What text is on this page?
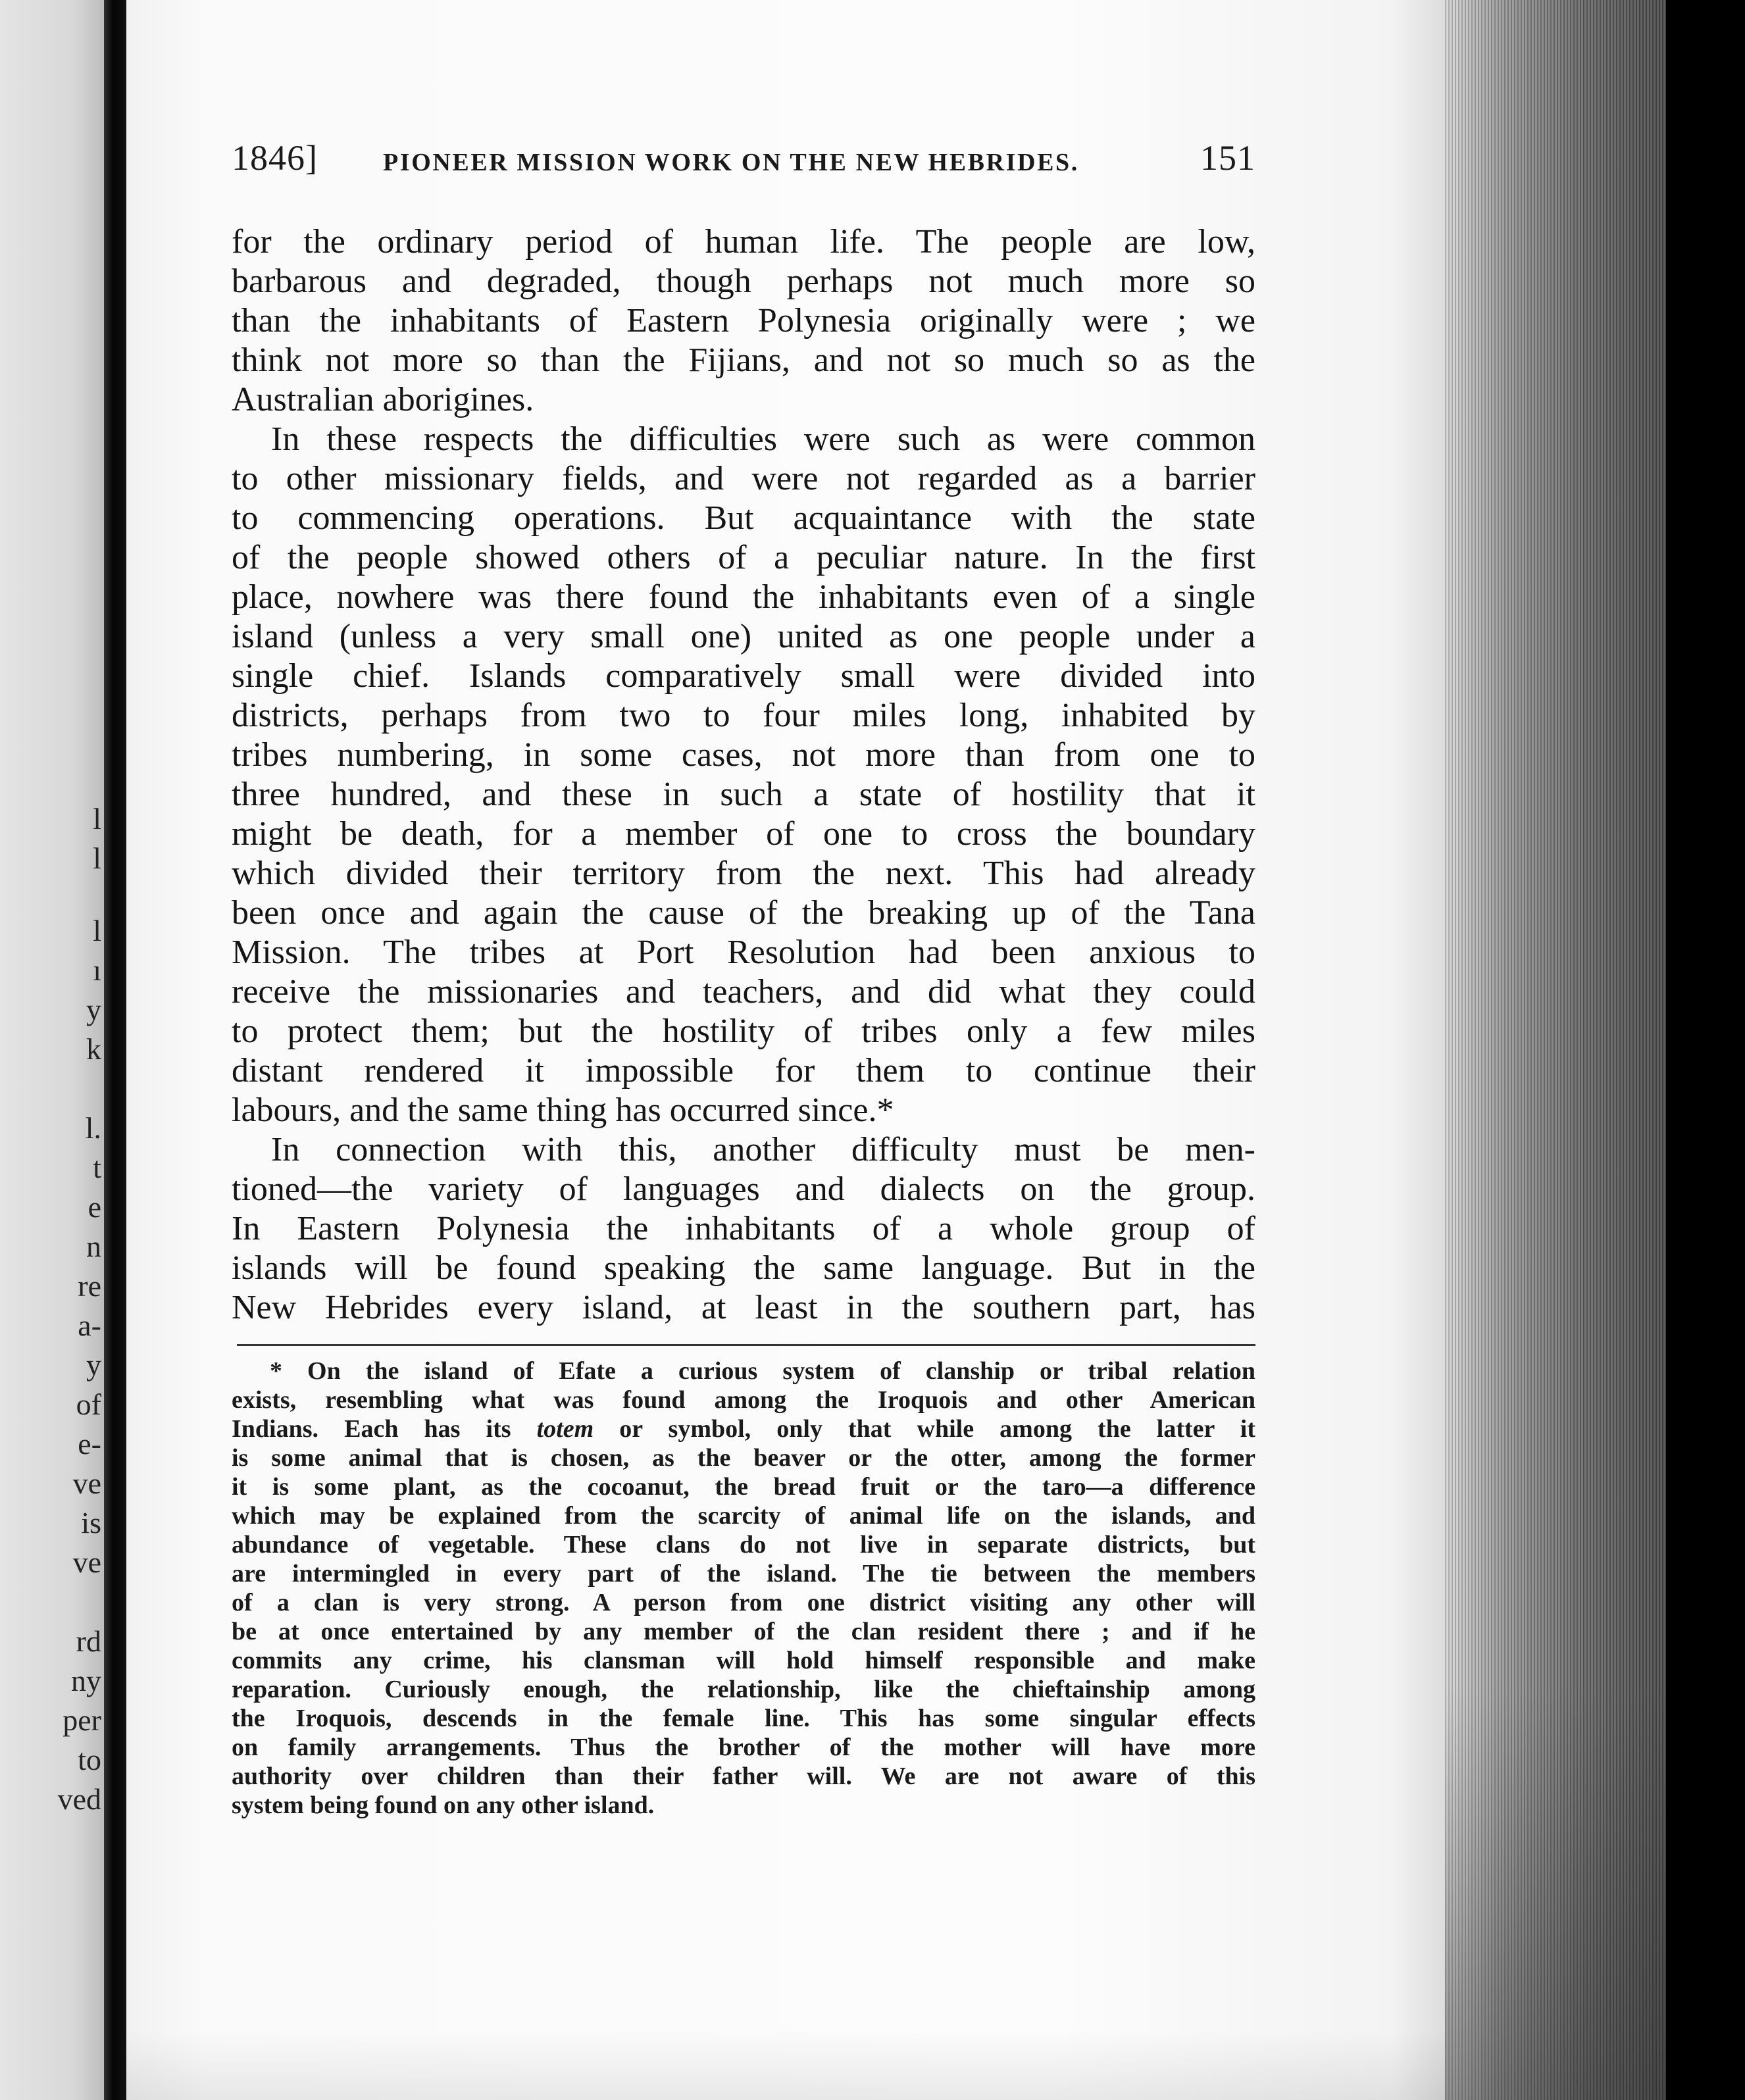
l
l
l
ı
y
k
l.
t
e
n
re
a-
y
of
e-
ve
is
ve
rd
ny
per
to
ved
1846]	PIONEER MISSION WORK ON THE NEW HEBRIDES.	151
for the ordinary period of human life. The people are low,
barbarous and degraded, though perhaps not much more so
than the inhabitants of Eastern Polynesia originally were ; we
think not more so than the Fijians, and not so much so as the
Australian aborigines.
In these respects the difficulties were such as were common
to other missionary fields, and were not regarded as a barrier
to commencing operations. But acquaintance with the state
of the people showed others of a peculiar nature. In the first
place, nowhere was there found the inhabitants even of a single
island (unless a very small one) united as one people under a
single chief. Islands comparatively small were divided into
districts, perhaps from two to four miles long, inhabited by
tribes numbering, in some cases, not more than from one to
three hundred, and these in such a state of hostility that it
might be death, for a member of one to cross the boundary
which divided their territory from the next. This had already
been once and again the cause of the breaking up of the Tana
Mission. The tribes at Port Resolution had been anxious to
receive the missionaries and teachers, and did what they could
to protect them; but the hostility of tribes only a few miles
distant rendered it impossible for them to continue their
labours, and the same thing has occurred since.*
In connection with this, another difficulty must be men-
tioned—the variety of languages and dialects on the group.
In Eastern Polynesia the inhabitants of a whole group of
islands will be found speaking the same language. But in the
New Hebrides every island, at least in the southern part, has
* On the island of Efate a curious system of clanship or tribal relation
exists, resembling what was found among the Iroquois and other American
Indians. Each has its totem or symbol, only that while among the latter it
is some animal that is chosen, as the beaver or the otter, among the former
it is some plant, as the cocoanut, the bread fruit or the taro—a difference
which may be explained from the scarcity of animal life on the islands, and
abundance of vegetable. These clans do not live in separate districts, but
are intermingled in every part of the island. The tie between the members
of a clan is very strong. A person from one district visiting any other will
be at once entertained by any member of the clan resident there ; and if he
commits any crime, his clansman will hold himself responsible and make
reparation. Curiously enough, the relationship, like the chieftainship among
the Iroquois, descends in the female line. This has some singular effects
on family arrangements. Thus the brother of the mother will have more
authority over children than their father will. We are not aware of this
system being found on any other island.
